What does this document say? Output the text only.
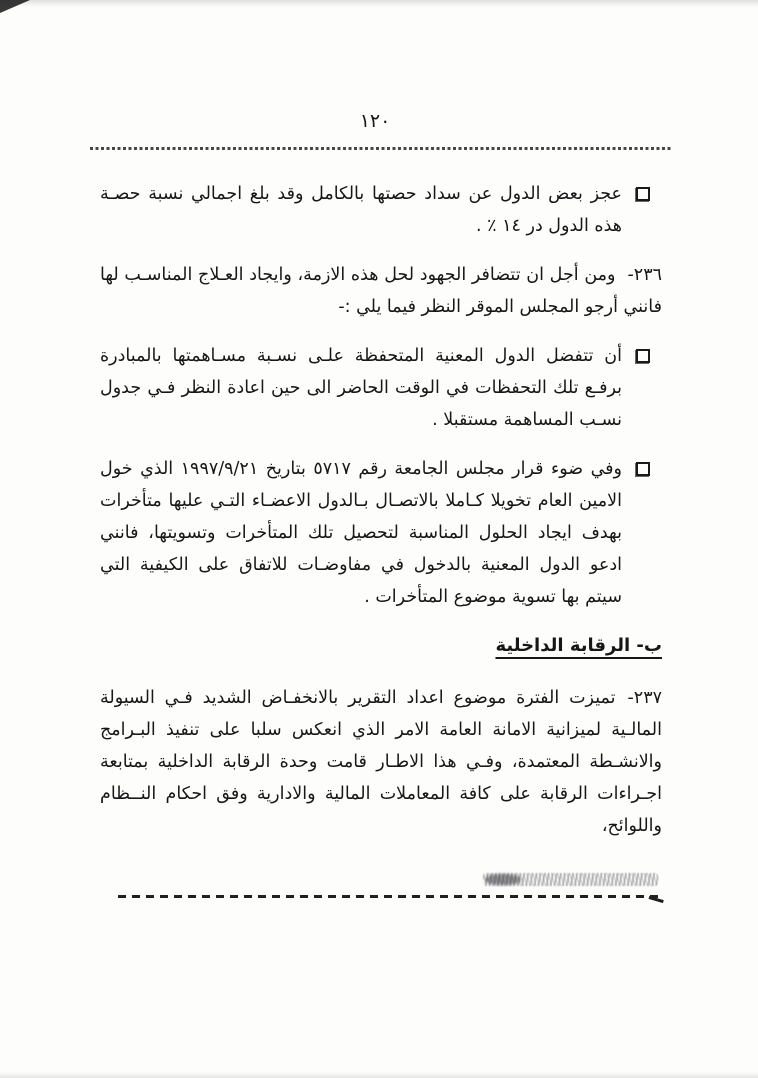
١٢٠

عجز بعض الدول عن سداد حصتها بالكامل وقد بلغ اجمالي نسبة حصـة هذه الدول در ١٤ ٪ .

٢٣٦-ومن أجل ان تتضافر الجهود لحل هذه الازمة، وايجاد العـلاج المناسـب لها فانني أرجو المجلس الموقر النظر فيما يلي :-

أن تتفضل الدول المعنية المتحفظة علـى نسـبة مسـاهمتها بالمبادرة برفـع تلك التحفظات في الوقت الحاضر الى حين اعادة النظر فـي جدول نسـب المساهمة مستقبلا .

وفي ضوء قرار مجلس الجامعة رقم ٥٧١٧ بتاريخ ١٩٩٧/٩/٢١ الذي خول الامين العام تخويلا كـاملا بالاتصـال بـالدول الاعضـاء التـي عليها متأخرات بهدف ايجاد الحلول المناسبة لتحصيل تلك المتأخرات وتسويتها، فانني ادعو الدول المعنية بالدخول في مفاوضـات للاتفاق على الكيفية التي سيتم بها تسوية موضوع المتأخرات .

ب- الرقابة الداخلية

٢٣٧-تميزت الفترة موضوع اعداد التقرير بالانخفـاض الشديد فـي السيولة المالـية لميزانية الامانة العامة الامر الذي انعكس سلبا على تنفيذ البـرامج والانشـطة المعتمدة، وفـي هذا الاطـار قامت وحدة الرقابة الداخلية بمتابعة اجـراءات الرقابة على كافة المعاملات المالية والادارية وفق احكام النــظام واللوائح،
